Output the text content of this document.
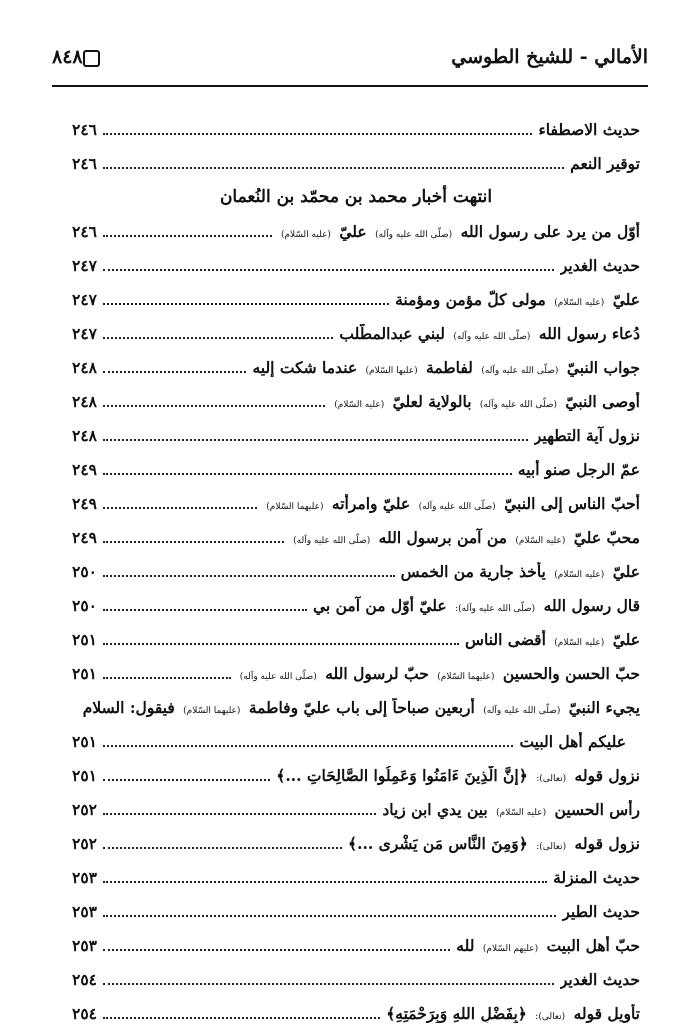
الأمالي - للشيخ الطوسي
٨٤٨
حديث الاصطفاء
٢٤٦
توقير النعم
٢٤٦
انتهت أخبار محمد بن محمّد بن النُعمان
أوّل من يرد على رسول الله (صلّى الله عليه وآله) عليّ (عليه السّلام)
٢٤٦
حديث الغدير
٢٤٧
عليّ (عليه السّلام) مولى كلّ مؤمن ومؤمنة
٢٤٧
دُعاء رسول الله (صلّى الله عليه وآله) لبني عبدالمطّلب
٢٤٧
جواب النبيّ (صلّى الله عليه وآله) لفاطمة (عليها السّلام) عندما شكت إليه
٢٤٨
أوصى النبيّ (صلّى الله عليه وآله) بالولاية لعليّ (عليه السّلام)
٢٤٨
نزول آية التطهير
٢٤٨
عمّ الرجل صنو أبيه
٢٤٩
أحبّ الناس إلى النبيّ (صلّى الله عليه وآله) عليّ وامرأته (عليهما السّلام)
٢٤٩
محبّ عليّ (عليه السّلام) من آمن برسول الله (صلّى الله عليه وآله)
٢٤٩
عليّ (عليه السّلام) يأخذ جارية من الخمس
٢٥٠
قال رسول الله (صلّى الله عليه وآله): عليّ أوّل من آمن بي
٢٥٠
عليّ (عليه السّلام) أقضى الناس
٢٥١
حبّ الحسن والحسين (عليهما السّلام) حبّ لرسول الله (صلّى الله عليه وآله)
٢٥١
يجيء النبيّ (صلّى الله عليه وآله) أربعين صباحاً إلى باب عليّ وفاطمة (عليهما السّلام) فيقول: السلام
عليكم أهل البيت
٢٥١
نزول قوله (تعالى): ﴿إِنَّ الَّذِينَ ءَامَنُوا وَعَمِلُوا الصَّالِحَاتِ ...﴾
٢٥١
رأس الحسين (عليه السّلام) بين يدي ابن زياد
٢٥٢
نزول قوله (تعالى): ﴿وَمِنَ النَّاسِ مَن يَشْرِى ...﴾
٢٥٢
حديث المنزلة
٢٥٣
حديث الطير
٢٥٣
حبّ أهل البيت (عليهم السّلام) لله
٢٥٣
حديث الغدير
٢٥٤
تأويل قوله (تعالى): ﴿بِفَضْلِ اللهِ وَبِرَحْمَتِهِ﴾
٢٥٤
